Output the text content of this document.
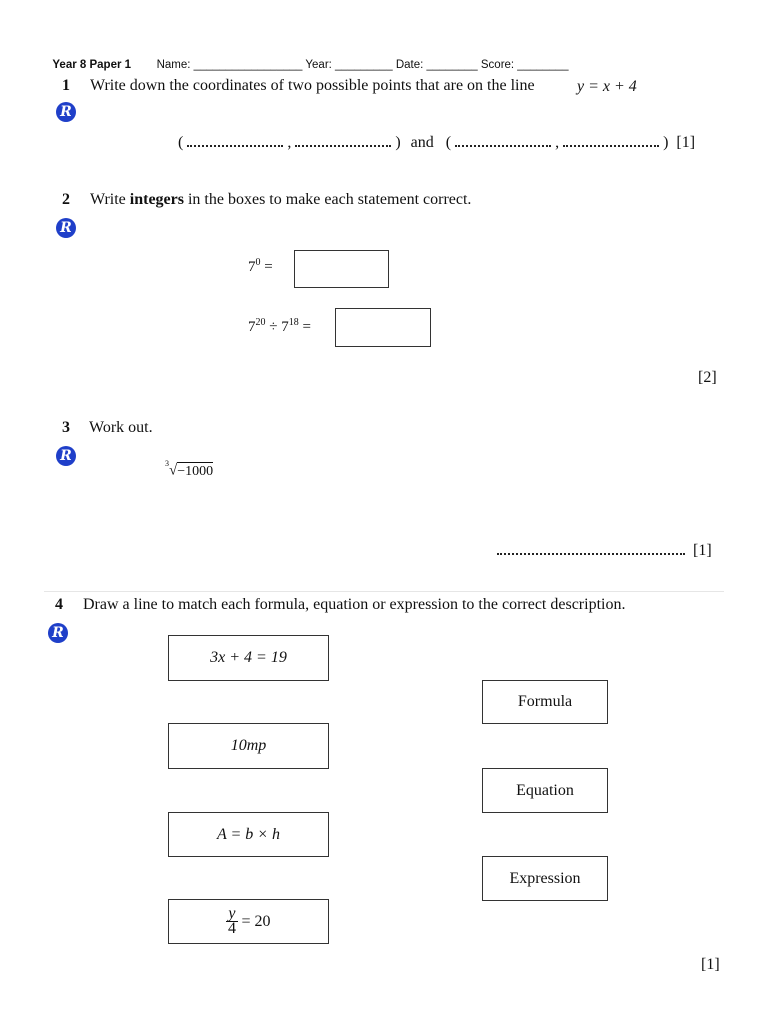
Year 8 Paper 1 Name: _________________ Year: _________ Date: ________ Score: ________

1 Write down the coordinates of two possible points that are on the line	y = x + 4
R
(	,	) and (	,	) [1]
2 Write integers in the boxes to make each statement correct.
R
$7^0$ =
$7^{20} \div 7^{18}$ =
[2]
3 Work out.
R	$^3$√−1000
[1]
4 Draw a line to match each formula, equation or expression to the correct description.
R
3x + 4 = 19
10mp
A = b × h
$\frac{y}{4} = 20$
Formula
Equation
Expression
[1]
